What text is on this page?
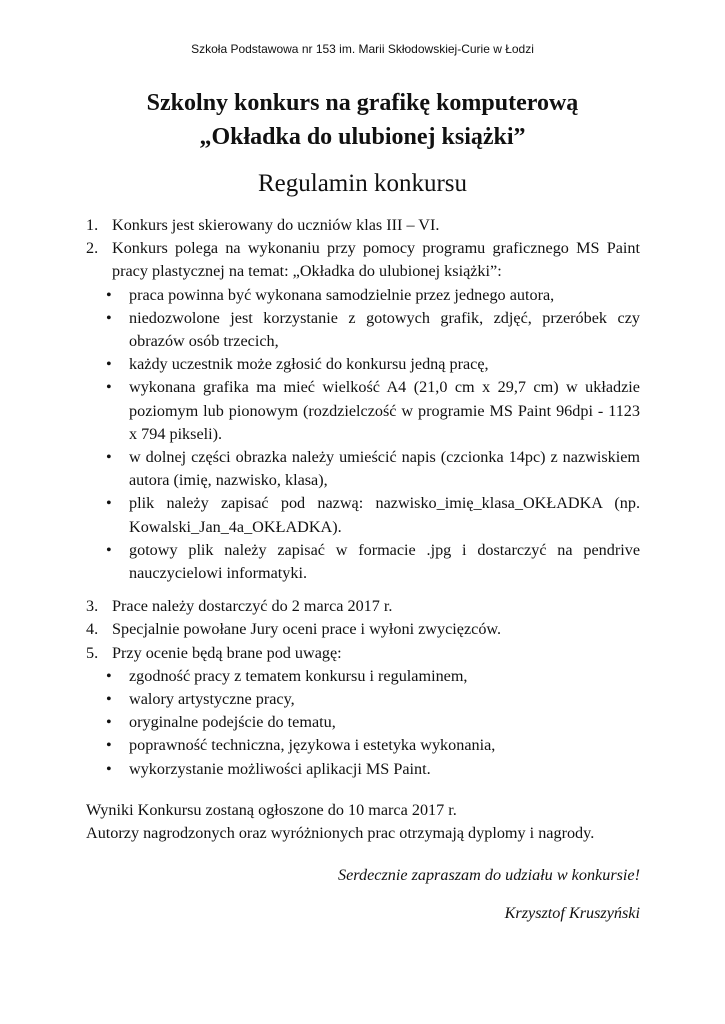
Szkoła Podstawowa nr 153 im. Marii Skłodowskiej-Curie w Łodzi
Szkolny konkurs na grafikę komputerową
„Okładka do ulubionej książki”
Regulamin konkursu
1. Konkurs jest skierowany do uczniów klas III – VI.
2. Konkurs polega na wykonaniu przy pomocy programu graficznego MS Paint pracy plastycznej na temat: „Okładka do ulubionej książki”:
• praca powinna być wykonana samodzielnie przez jednego autora,
• niedozwolone jest korzystanie z gotowych grafik, zdjęć, przeróbek czy obrazów osób trzecich,
• każdy uczestnik może zgłosić do konkursu jedną pracę,
• wykonana grafika ma mieć wielkość A4 (21,0 cm x 29,7 cm) w układzie poziomym lub pionowym (rozdzielczość w programie MS Paint 96dpi - 1123 x 794 pikseli).
• w dolnej części obrazka należy umieścić napis (czcionka 14pc) z nazwiskiem autora (imię, nazwisko, klasa),
• plik należy zapisać pod nazwą: nazwisko_imię_klasa_OKŁADKA (np. Kowalski_Jan_4a_OKŁADKA).
• gotowy plik należy zapisać w formacie .jpg i dostarczyć na pendrive nauczycielowi informatyki.
3. Prace należy dostarczyć do 2 marca 2017 r.
4. Specjalnie powołane Jury oceni prace i wyłoni zwycięzców.
5. Przy ocenie będą brane pod uwagę:
• zgodność pracy z tematem konkursu i regulaminem,
• walory artystyczne pracy,
• oryginalne podejście do tematu,
• poprawność techniczna, językowa i estetyka wykonania,
• wykorzystanie możliwości aplikacji MS Paint.
Wyniki Konkursu zostaną ogłoszone do 10 marca 2017 r.
Autorzy nagrodzonych oraz wyróżnionych prac otrzymają dyplomy i nagrody.
Serdecznie zapraszam do udziału w konkursie!
Krzysztof Kruszyński
